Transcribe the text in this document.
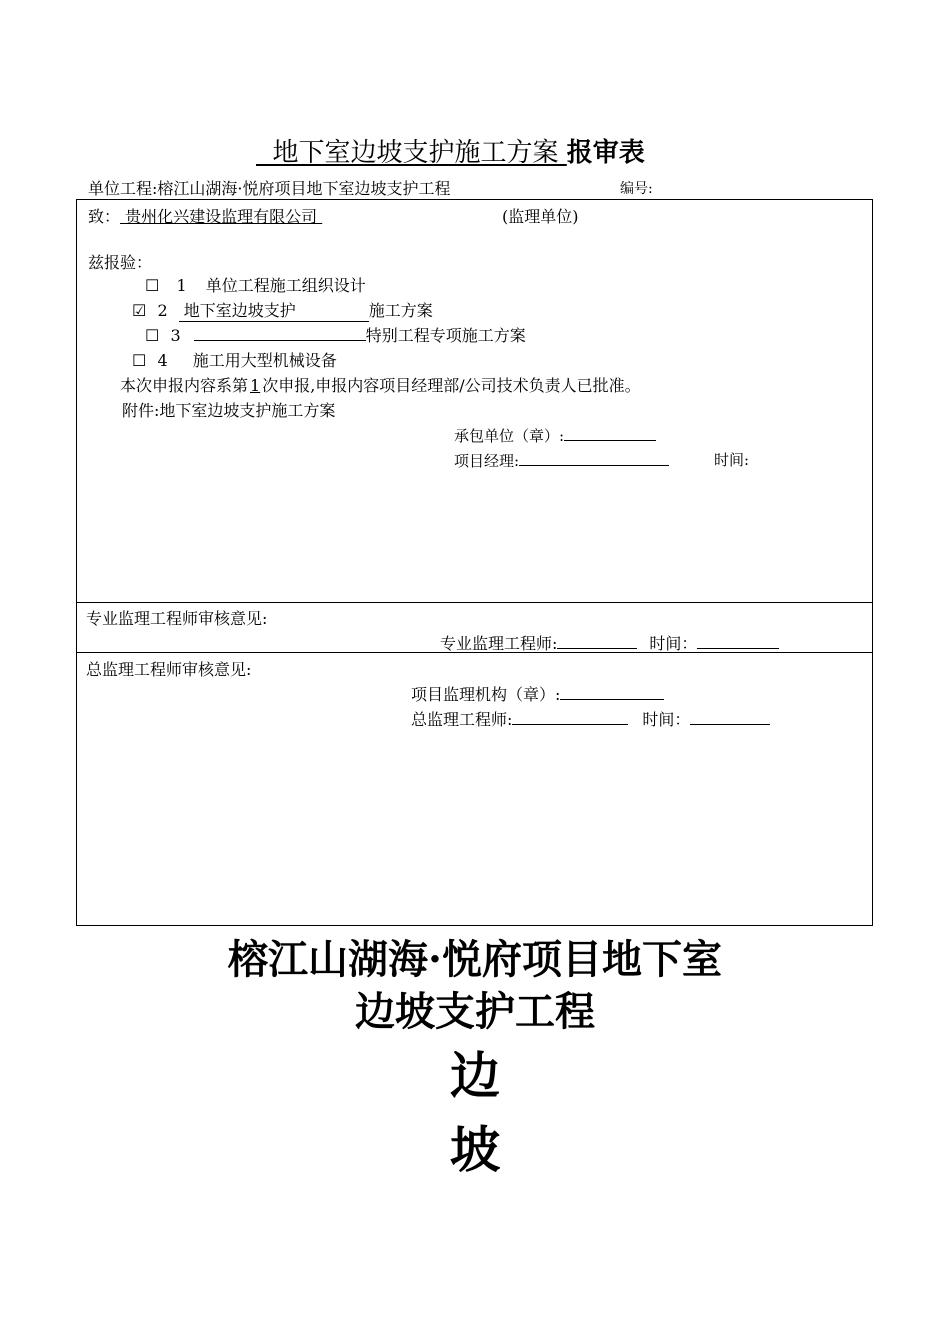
地下室边坡支护施工方案 报审表
单位工程:榕江山湖海·悦府项目地下室边坡支护工程	编号:
致： 贵州化兴建设监理有限公司	(监理单位)
兹报验：
☐ 1 单位工程施工组织设计
☑ 2  地下室边坡支护	施工方案
☐ 3	特别工程专项施工方案
☐ 4 施工用大型机械设备
本次申报内容系第 1 次申报,申报内容项目经理部/公司技术负责人已批准。
附件:地下室边坡支护施工方案
承包单位（章）:
项目经理:	时间:
专业监理工程师审核意见:
专业监理工程师:	时间：
总监理工程师审核意见:
项目监理机构（章）:
总监理工程师:	时间：
榕江山湖海·悦府项目地下室
边坡支护工程
边
坡
